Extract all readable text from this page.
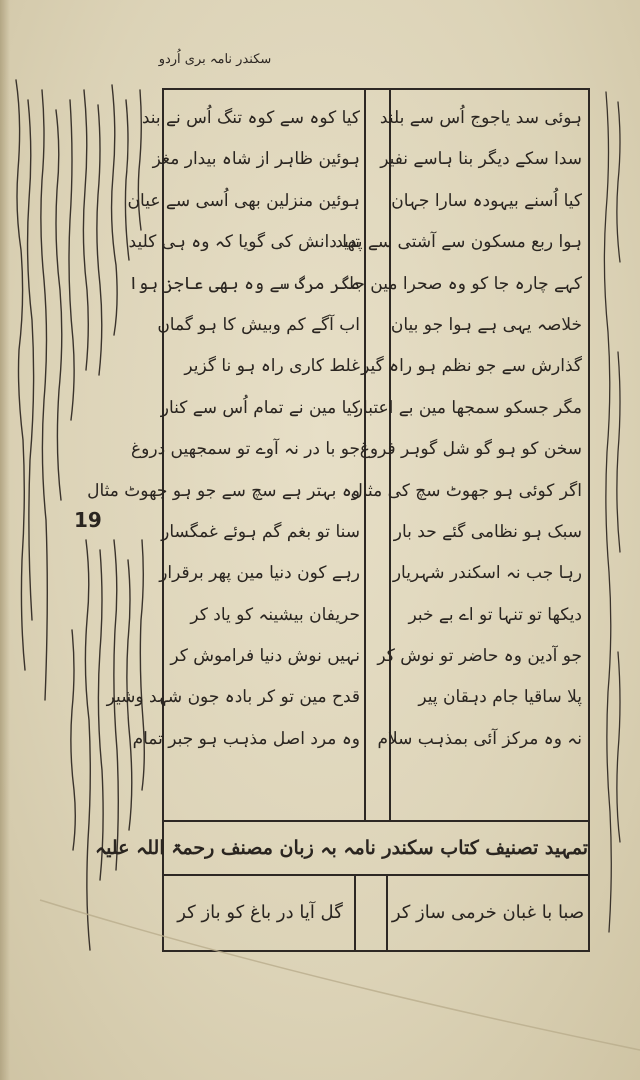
سکندر نامہ بری اُردو
19
ہوئی سد یاجوج اُس سے بلند
سدا سکے دیگر بنا ہاسے نفیر
کیا اُسنے بیہودہ سارا جہان
ہوا ربع مسکون سے آشتی سے پدید
کہے چارہ جا کو وہ صحرا مین جا
خلاصہ یہی ہے ہوا جو بیان
گذارش سے جو نظم ہو راہ گیر
مگر جسکو سمجھا مین بے اعتبار
سخن کو ہو گو شل گوہر فروغ
اگر کوئی ہو جھوٹ سچ کی مثال
سبک ہو نظامی گئے حد بار
رہا جب نہ اسکندر شہریار
دیکھا تو تنہا تو اے بے خبر
جو آدین وہ حاضر تو نوش کر
پلا ساقیا جام دہقان پیر
نہ وہ مرکز آئی بمذہب سلام
کیا کوہ سے کوہ تنگ اُس نے بند
ہوئین ظاہر از شاہ بیدار مغز
ہوئین منزلین بھی اُسی سے عیان
تھا دانش کی گویا کہ وہ ہی کلید
مگر مرگ سے وہ بھی عاجز ہوا
اب آگے کم وبیش کا ہو گمان
غلط کاری راہ ہو نا گزیر
کیا مین نے تمام اُس سے کنار
جو با در نہ آوے تو سمجھیں دروغ
وہ بہتر ہے سچ سے جو ہو جھوٹ مثال
سنا تو بغم گم ہوئے غمگسار
رہے کون دنیا مین پھر برقرار
حریفان بیشینہ کو یاد کر
نہیں نوش دنیا فراموش کر
قدح مین تو کر بادہ جون شہد وشیر
وہ مرد اصل مذہب ہو جبر تمام
تمہید تصنیف کتاب سکندر نامہ بہ زبان مصنف رحمۃ اللہ علیہ
صبا با غبان خرمی ساز کر
گل آیا در باغ کو باز کر
